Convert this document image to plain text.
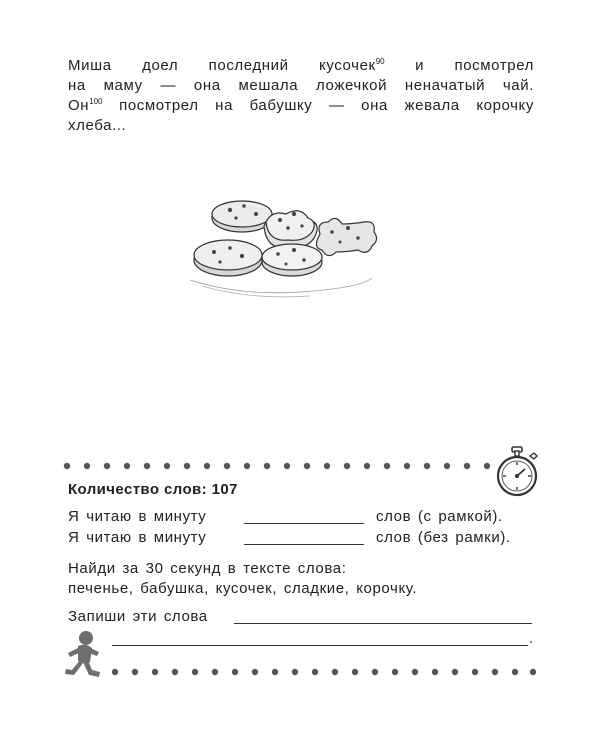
Миша доел последний кусочек$^{90}$ и посмотрел
на маму — она мешала ложечкой неначатый чай.
$Он^{100}$ посмотрел на бабушку — она жевала корочку
хлеба...
Количество слов: 107
Я читаю в минуту	слов (с рамкой).
Я читаю в минуту	слов (без рамки).
Найди за 30 секунд в тексте слова:
печенье, бабушка, кусочек, сладкие, корочку.
Запиши эти слова
.
